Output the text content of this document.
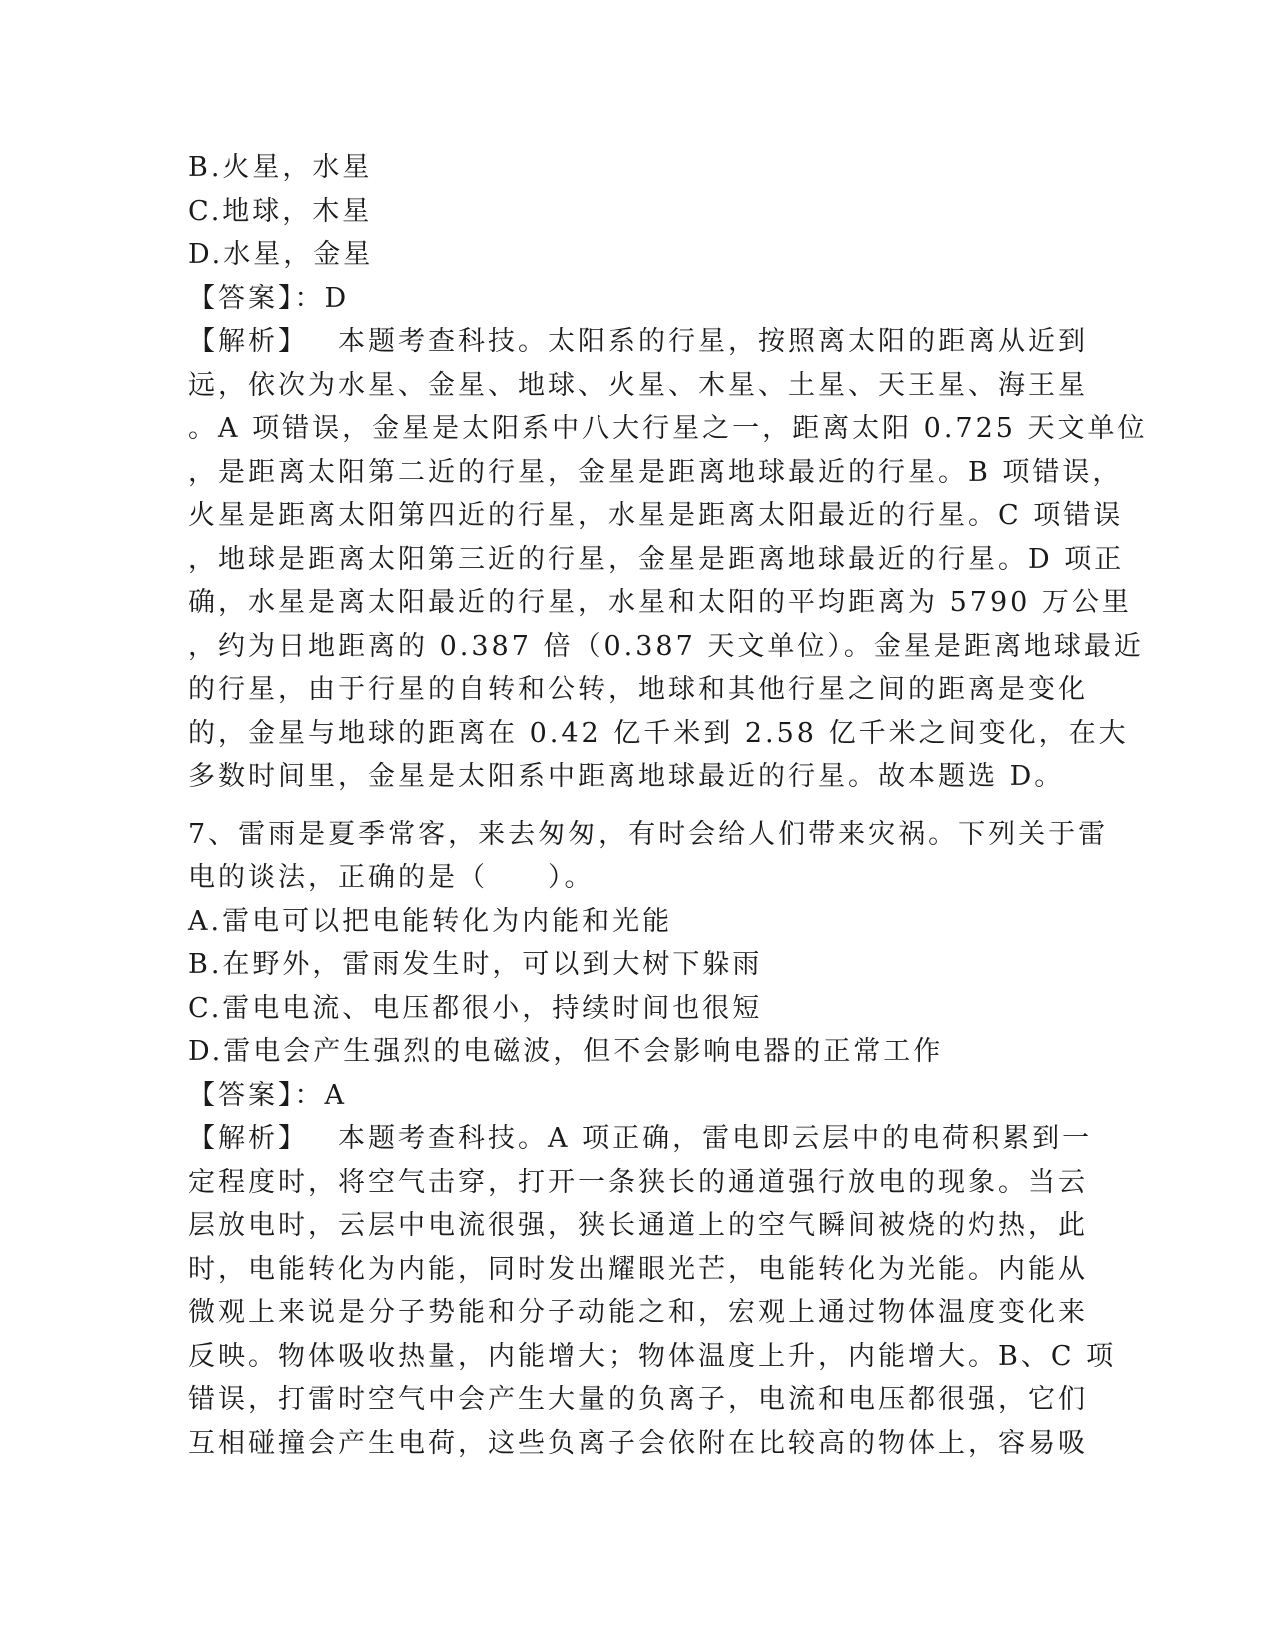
B.火星，水星
C.地球，木星
D.水星，金星
【答案】：D
【解析】 本题考查科技。太阳系的行星，按照离太阳的距离从近到
远，依次为水星、金星、地球、火星、木星、土星、天王星、海王星
。A 项错误，金星是太阳系中八大行星之一，距离太阳 0.725 天文单位
，是距离太阳第二近的行星，金星是距离地球最近的行星。B 项错误，
火星是距离太阳第四近的行星，水星是距离太阳最近的行星。C 项错误
，地球是距离太阳第三近的行星，金星是距离地球最近的行星。D 项正
确，水星是离太阳最近的行星，水星和太阳的平均距离为 5790 万公里
，约为日地距离的 0.387 倍（0.387 天文单位）。金星是距离地球最近
的行星，由于行星的自转和公转，地球和其他行星之间的距离是变化
的，金星与地球的距离在 0.42 亿千米到 2.58 亿千米之间变化，在大
多数时间里，金星是太阳系中距离地球最近的行星。故本题选 D。
7、雷雨是夏季常客，来去匆匆，有时会给人们带来灾祸。下列关于雷
电的谈法，正确的是（　　）。
A.雷电可以把电能转化为内能和光能
B.在野外，雷雨发生时，可以到大树下躲雨
C.雷电电流、电压都很小，持续时间也很短
D.雷电会产生强烈的电磁波，但不会影响电器的正常工作
【答案】：A
【解析】 本题考查科技。A 项正确，雷电即云层中的电荷积累到一
定程度时，将空气击穿，打开一条狭长的通道强行放电的现象。当云
层放电时，云层中电流很强，狭长通道上的空气瞬间被烧的灼热，此
时，电能转化为内能，同时发出耀眼光芒，电能转化为光能。内能从
微观上来说是分子势能和分子动能之和，宏观上通过物体温度变化来
反映。物体吸收热量，内能增大；物体温度上升，内能增大。B、C 项
错误，打雷时空气中会产生大量的负离子，电流和电压都很强，它们
互相碰撞会产生电荷，这些负离子会依附在比较高的物体上，容易吸
